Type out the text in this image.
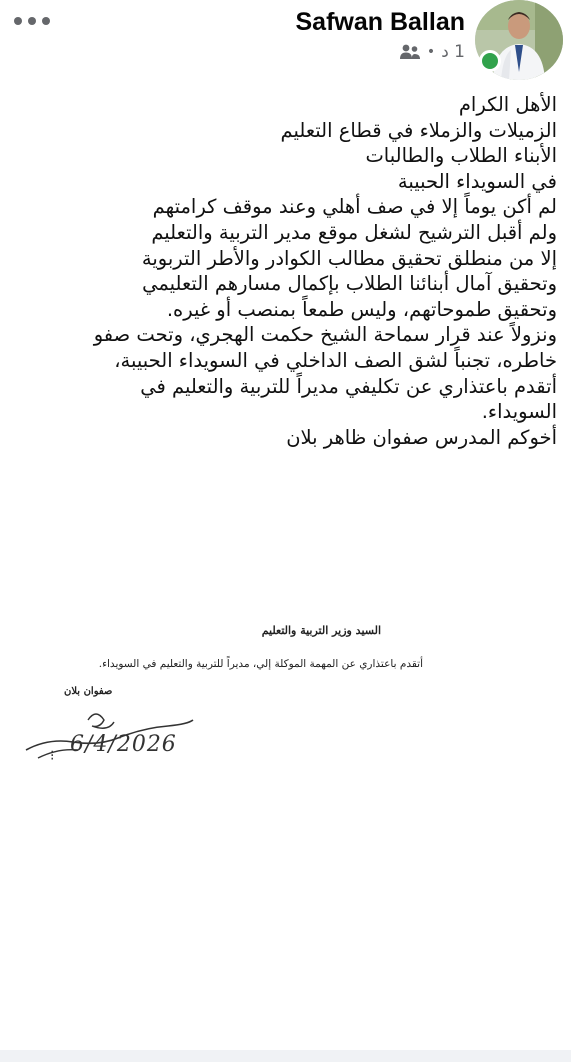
Safwan Ballan
1 د
•

الأهل الكرام

الزميلات والزملاء في قطاع التعليم

الأبناء الطلاب والطالبات

في السويداء الحبيبة

لم أكن يوماً إلا في صف أهلي وعند موقف كرامتهم

ولم أقبل الترشيح لشغل موقع مدير التربية والتعليم

إلا من منطلق تحقيق مطالب الكوادر والأطر التربوية

وتحقيق آمال أبنائنا الطلاب بإكمال مسارهم التعليمي

وتحقيق طموحاتهم، وليس طمعاً بمنصب أو غيره.

ونزولاً عند قرار سماحة الشيخ حكمت الهجري، وتحت صفو

خاطره، تجنباً لشق الصف الداخلي في السويداء الحبيبة،

أتقدم باعتذاري عن تكليفي مديراً للتربية والتعليم في

السويداء.

أخوكم المدرس صفوان ظاهر بلان

السيد وزير التربية والتعليم
أتقدم باعتذاري عن المهمة الموكلة إلي، مديراً للتربية والتعليم في السويداء.
صفوان بلان
6/4/2026
⁝
